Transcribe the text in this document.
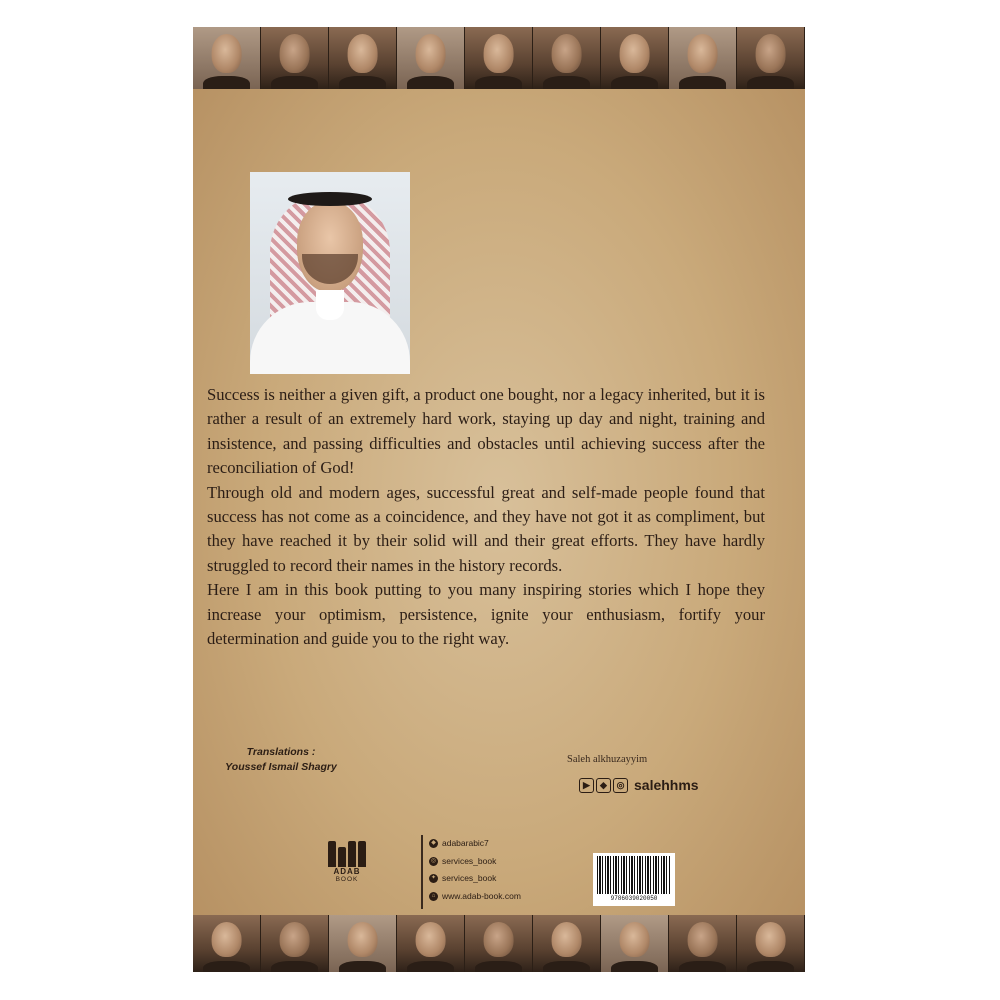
Success is neither a given gift, a product one bought, nor a legacy inherited, but it is rather a result of an extremely hard work, staying up day and night, training and insistence, and passing difficulties and obstacles until achieving success after the reconciliation of God!

Through old and modern ages, successful great and self-made people found that success has not come as a coincidence, and they have not got it as compliment, but they have reached it by their solid will and their great efforts. They have hardly struggled to record their names in the history records.

Here I am in this book putting to you many inspiring stories which I hope they increase your optimism, persistence, ignite your enthusiasm, fortify your determination and guide you to the right way.

Translations :
Youssef Ismail Shagry
Saleh alkhuzayyim
▶	◆	◎ salehhms
ADAB
BOOK
◆ adabarabic7
◎ services_book
✦ services_book
⌂ www.adab-book.com	9786039020050
